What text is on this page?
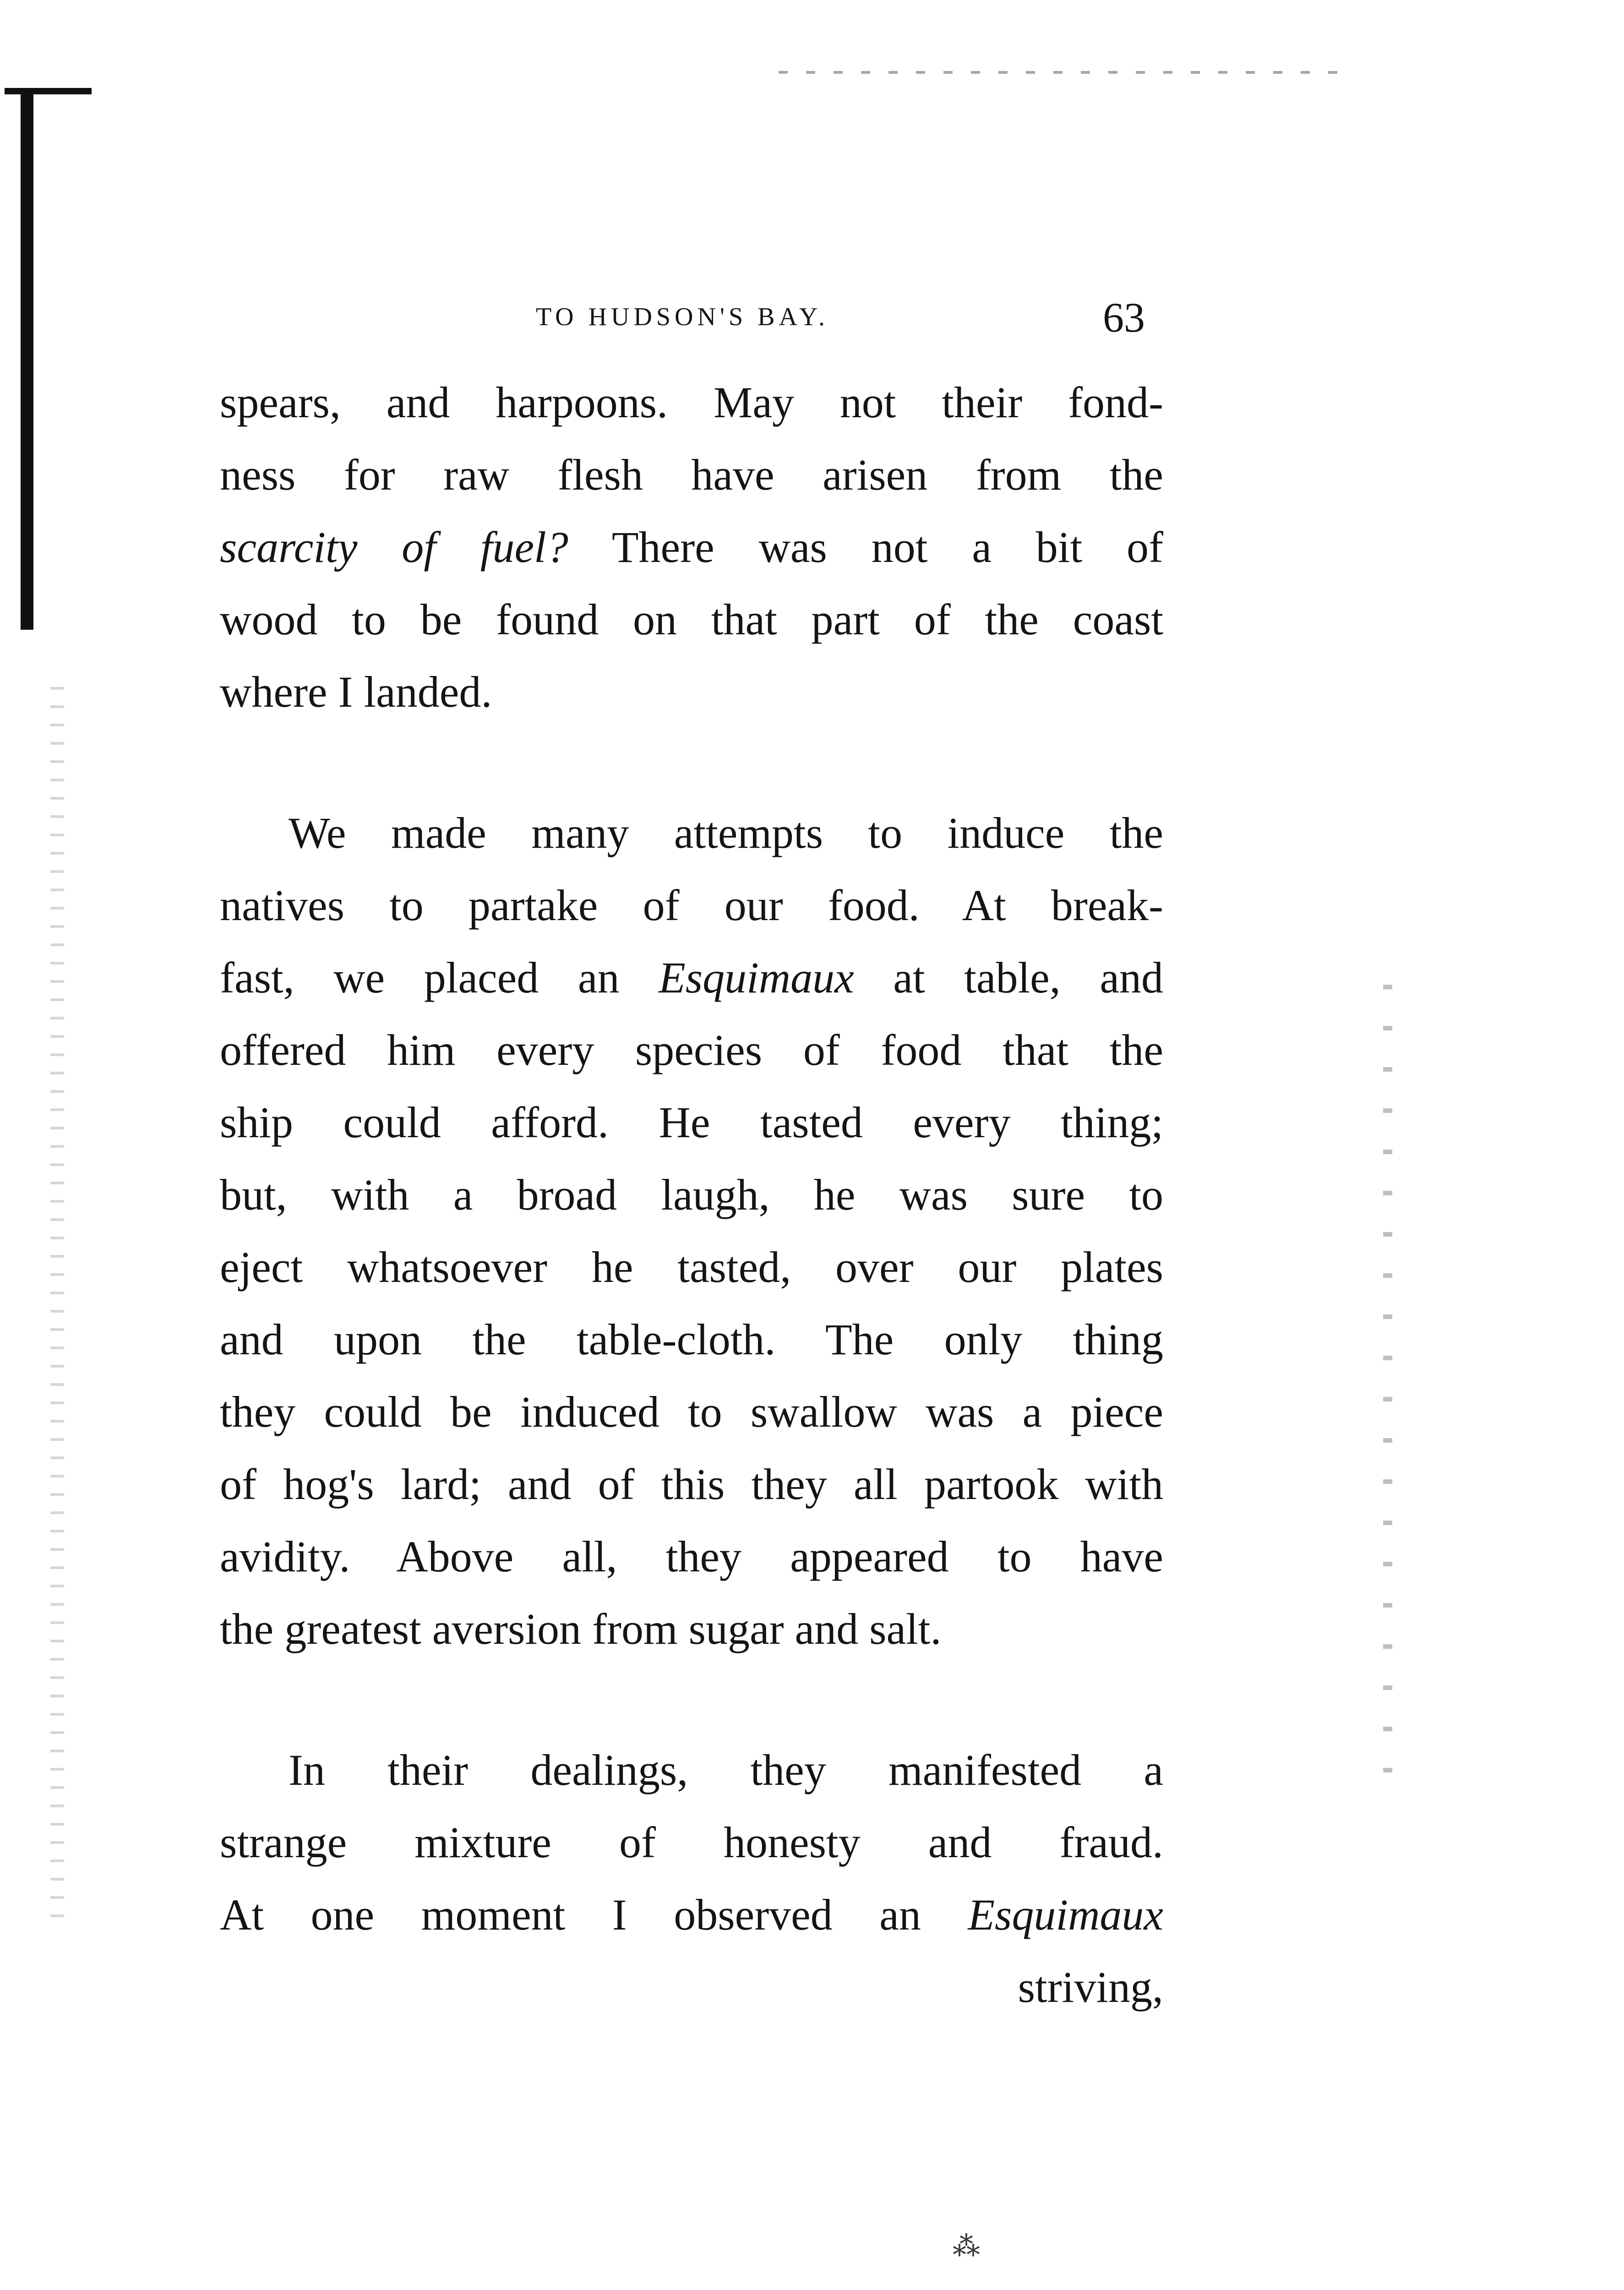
TO HUDSON'S BAY.	63
spears, and harpoons. May not their fond-
ness for raw flesh have arisen from the
scarcity of fuel? There was not a bit of
wood to be found on that part of the coast
where I landed.
We made many attempts to induce the
natives to partake of our food. At break-
fast, we placed an Esquimaux at table, and
offered him every species of food that the
ship could afford. He tasted every thing;
but, with a broad laugh, he was sure to
eject whatsoever he tasted, over our plates
and upon the table-cloth. The only thing
they could be induced to swallow was a piece
of hog's lard; and of this they all partook with
avidity. Above all, they appeared to have
the greatest aversion from sugar and salt.
In their dealings, they manifested a
strange mixture of honesty and fraud.
At one moment I observed an Esquimaux
striving,
⁂
